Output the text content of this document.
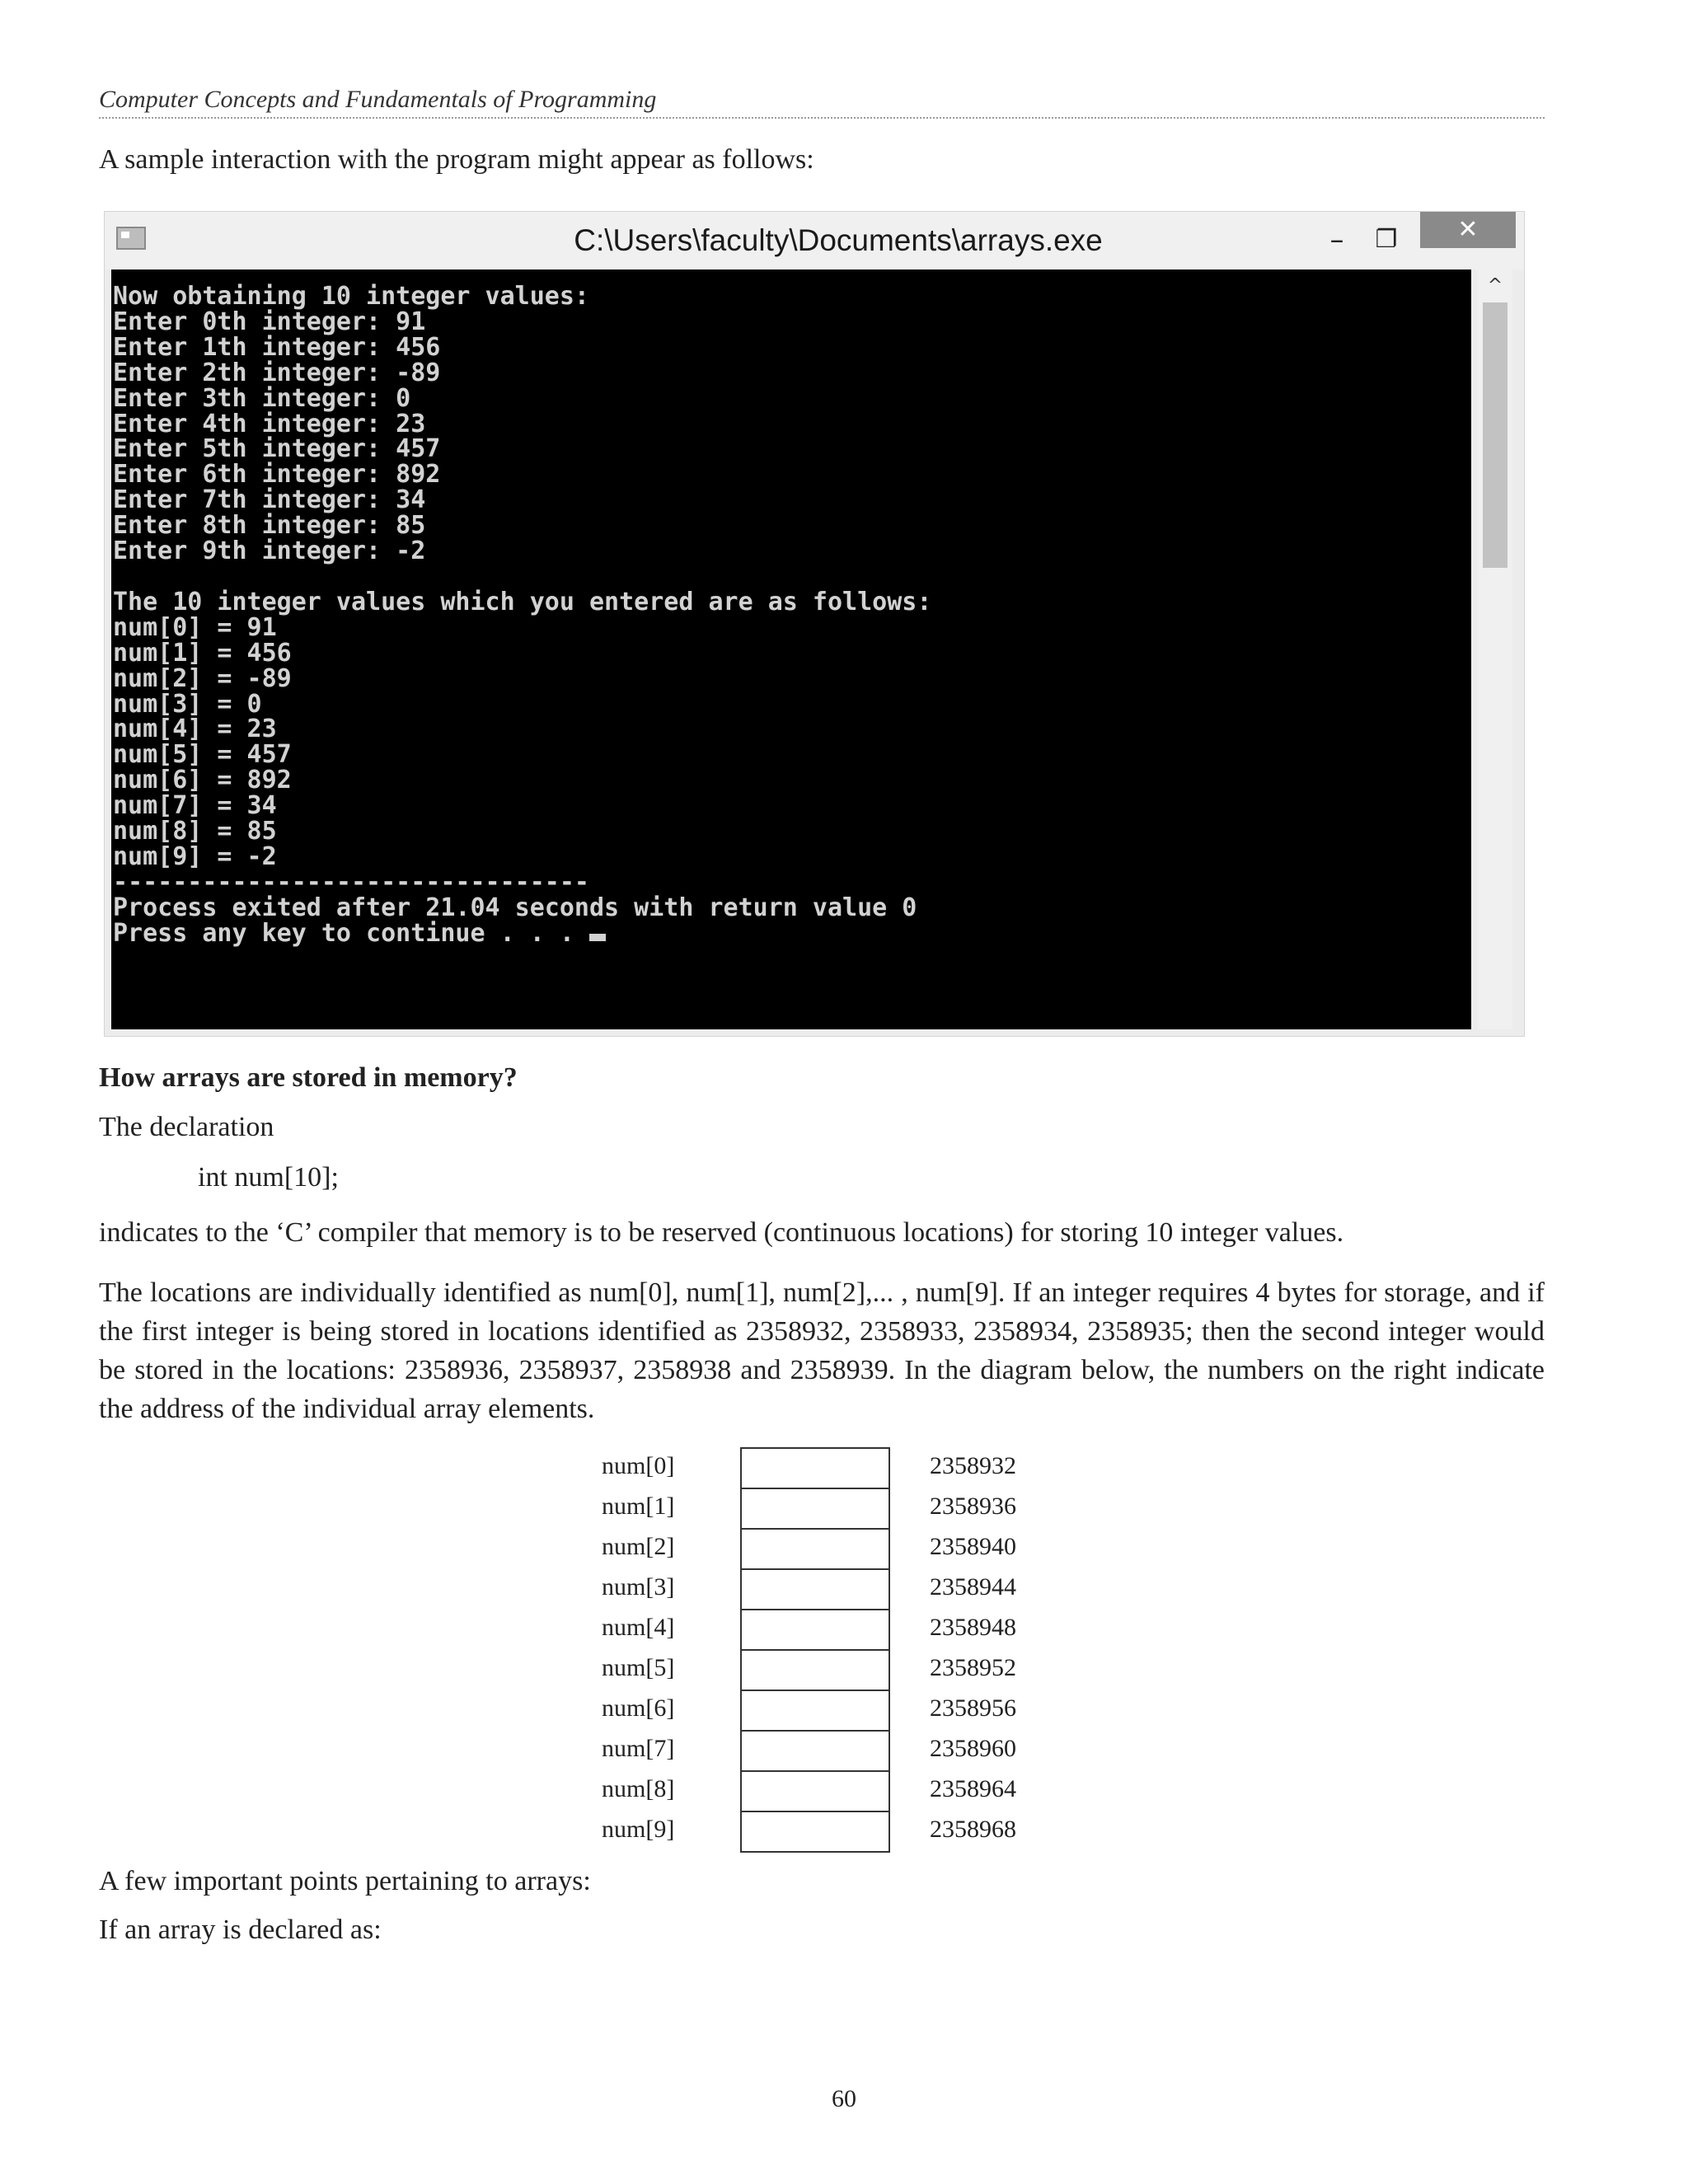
Computer Concepts and Fundamentals of Programming

A sample interaction with the program might appear as follows:

C:\Users\faculty\Documents\arrays.exe	–	❐	✕
Now obtaining 10 integer values:
Enter 0th integer: 91
Enter 1th integer: 456
Enter 2th integer: -89
Enter 3th integer: 0
Enter 4th integer: 23
Enter 5th integer: 457
Enter 6th integer: 892
Enter 7th integer: 34
Enter 8th integer: 85
Enter 9th integer: -2

The 10 integer values which you entered are as follows:
num[0] = 91
num[1] = 456
num[2] = -89
num[3] = 0
num[4] = 23
num[5] = 457
num[6] = 892
num[7] = 34
num[8] = 85
num[9] = -2
--------------------------------
Process exited after 21.04 seconds with return value 0
Press any key to continue . . .
^

How arrays are stored in memory?

The declaration

int num[10];

indicates to the ‘C’ compiler that memory is to be reserved (continuous locations) for storing 10 integer values.

The locations are individually identified as num[0], num[1], num[2],... , num[9]. If an integer requires 4 bytes for storage, and if the first integer is being stored in locations identified as 2358932, 2358933, 2358934, 2358935; then the second integer would be stored in the locations: 2358936, 2358937, 2358938 and 2358939. In the diagram below, the numbers on the right indicate the address of the individual array elements.

num[0]	2358932
num[1]	2358936
num[2]	2358940
num[3]	2358944
num[4]	2358948
num[5]	2358952
num[6]	2358956
num[7]	2358960
num[8]	2358964
num[9]	2358968

A few important points pertaining to arrays:

If an array is declared as:

60
